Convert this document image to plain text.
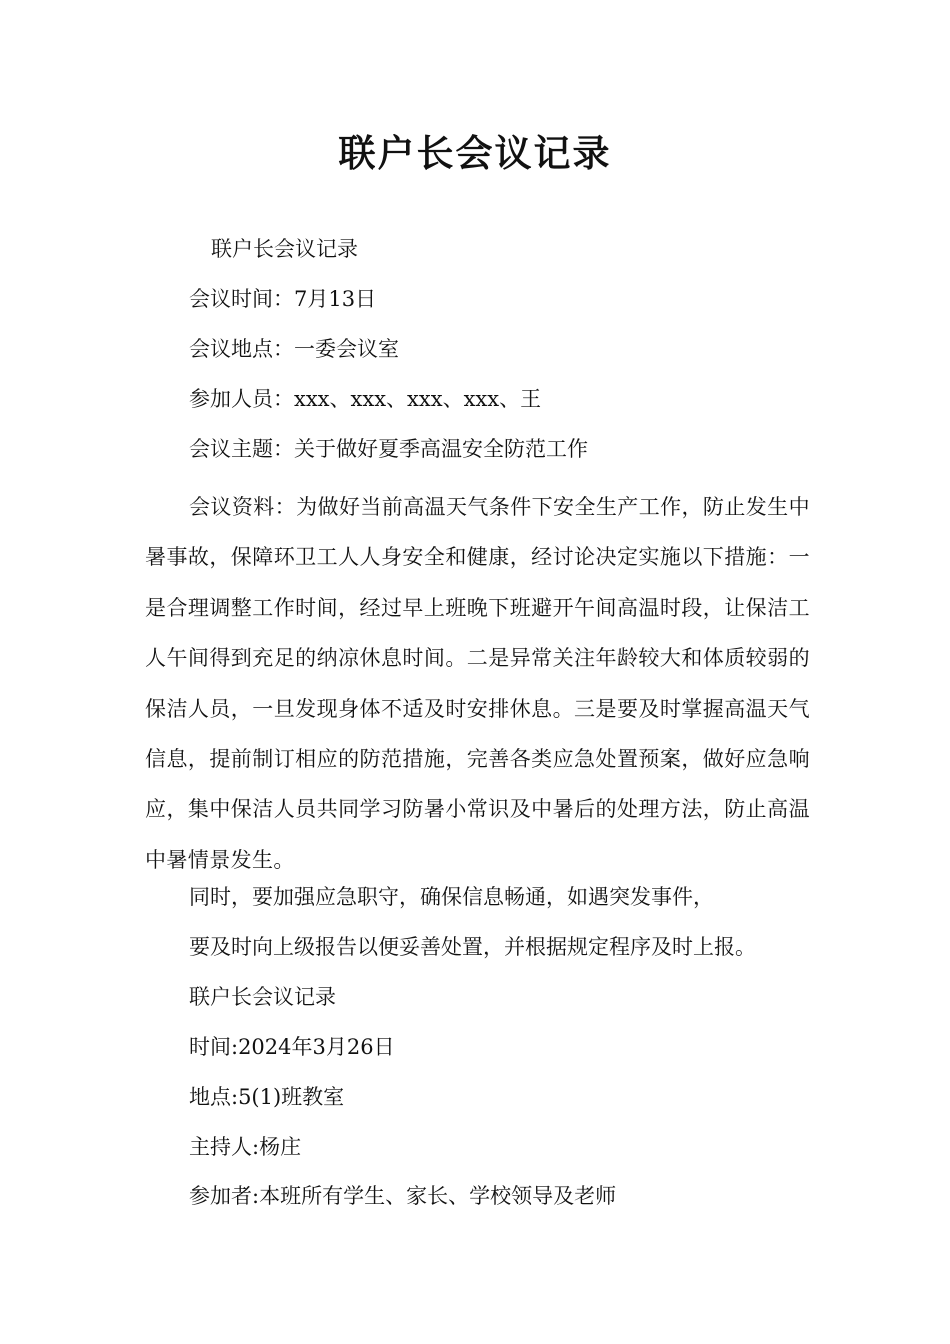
联户长会议记录
联户长会议记录
会议时间：7月13日
会议地点：一委会议室
参加人员：xxx、xxx、xxx、xxx、王
会议主题：关于做好夏季高温安全防范工作
会议资料：为做好当前高温天气条件下安全生产工作，防止发生中暑事故，保障环卫工人人身安全和健康，经讨论决定实施以下措施：一是合理调整工作时间，经过早上班晚下班避开午间高温时段，让保洁工人午间得到充足的纳凉休息时间。二是异常关注年龄较大和体质较弱的保洁人员，一旦发现身体不适及时安排休息。三是要及时掌握高温天气信息，提前制订相应的防范措施，完善各类应急处置预案，做好应急响应，集中保洁人员共同学习防暑小常识及中暑后的处理方法，防止高温中暑情景发生。
同时，要加强应急职守，确保信息畅通，如遇突发事件，
要及时向上级报告以便妥善处置，并根据规定程序及时上报。
联户长会议记录
时间:2024年3月26日
地点:5(1)班教室
主持人:杨庄
参加者:本班所有学生、家长、学校领导及老师
